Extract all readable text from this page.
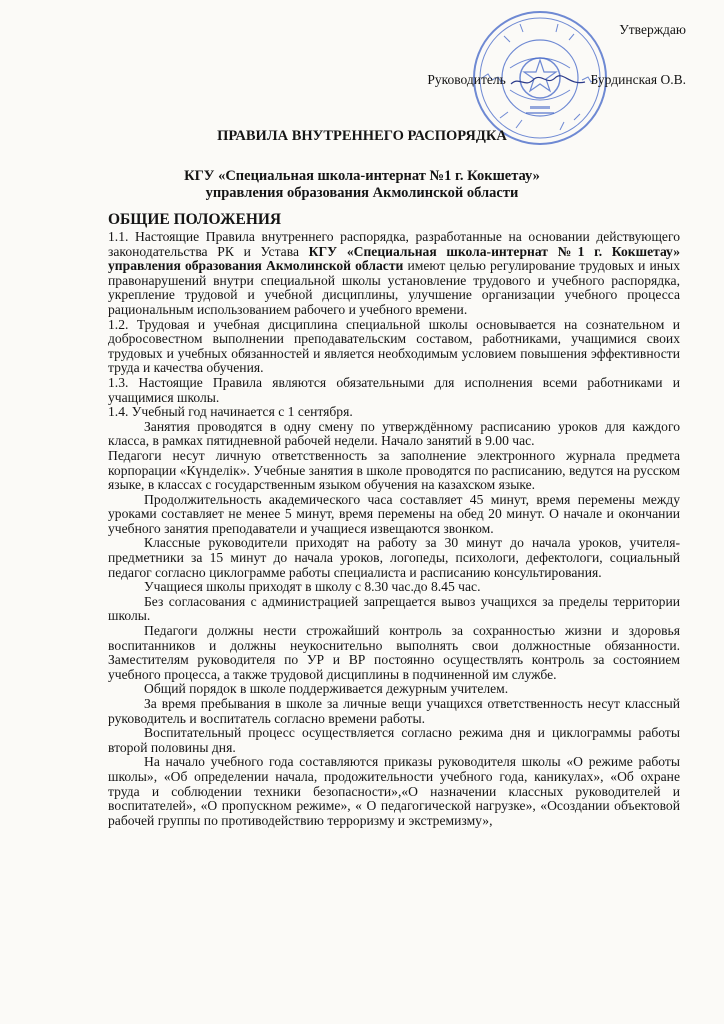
Утверждаю
Руководитель	Бурдинская О.В.
ПРАВИЛА ВНУТРЕННЕГО РАСПОРЯДКА
КГУ «Специальная школа-интернат №1 г. Кокшетау»
управления образования Акмолинской области
ОБЩИЕ ПОЛОЖЕНИЯ

1.1. Настоящие Правила внутреннего распорядка, разработанные на основании действующего законодательства РК и Устава КГУ «Специальная школа-интернат №1 г. Кокшетау» управления образования Акмолинской области имеют целью регулирование трудовых и иных правонарушений внутри специальной школы установление трудового и учебного распорядка, укрепление трудовой и учебной дисциплины, улучшение организации учебного процесса рациональным использованием рабочего и учебного времени.

1.2. Трудовая и учебная дисциплина специальной школы основывается на сознательном и добросовестном выполнении преподавательским составом, работниками, учащимися своих трудовых и учебных обязанностей и является необходимым условием повышения эффективности труда и качества обучения.

1.3. Настоящие Правила являются обязательными для исполнения всеми работниками и учащимися школы.

1.4. Учебный год начинается с 1 сентября.

Занятия проводятся в одну смену по утверждённому расписанию уроков для каждого класса, в рамках пятидневной рабочей недели. Начало занятий в 9.00 час.

Педагоги несут личную ответственность за заполнение электронного журнала предмета корпорации «Күнделік». Учебные занятия в школе проводятся по расписанию, ведутся на русском языке, в классах с государственным языком обучения на казахском языке.

Продолжительность академического часа составляет 45 минут, время перемены между уроками составляет не менее 5 минут, время перемены на обед 20 минут. О начале и окончании учебного занятия преподаватели и учащиеся извещаются звонком.

Классные руководители приходят на работу за 30 минут до начала уроков, учителя-предметники за 15 минут до начала уроков, логопеды, психологи, дефектологи, социальный педагог согласно циклограмме работы специалиста и расписанию консультирования.

Учащиеся школы приходят в школу с 8.30 час.до 8.45 час.

Без согласования с администрацией запрещается вывоз учащихся за пределы территории школы.

Педагоги должны нести строжайший контроль за сохранностью жизни и здоровья воспитанников и должны неукоснительно выполнять свои должностные обязанности. Заместителям руководителя по УР и ВР постоянно осуществлять контроль за состоянием учебного процесса, а также трудовой дисциплины в подчиненной им службе.

Общий порядок в школе поддерживается дежурным учителем.

За время пребывания в школе за личные вещи учащихся ответственность несут классный руководитель и воспитатель согласно времени работы.

Воспитательный процесс осуществляется согласно режима дня и циклограммы работы второй половины дня.

На начало учебного года составляются приказы руководителя школы «О режиме работы школы», «Об определении начала, продожительности учебного года, каникулах», «Об охране труда и соблюдении техники безопасности»,«О назначении классных руководителей и воспитателей», «О пропускном режиме», « О педагогической нагрузке», «Осоздании объектовой рабочей группы по противодействию терроризму и экстремизму»,
